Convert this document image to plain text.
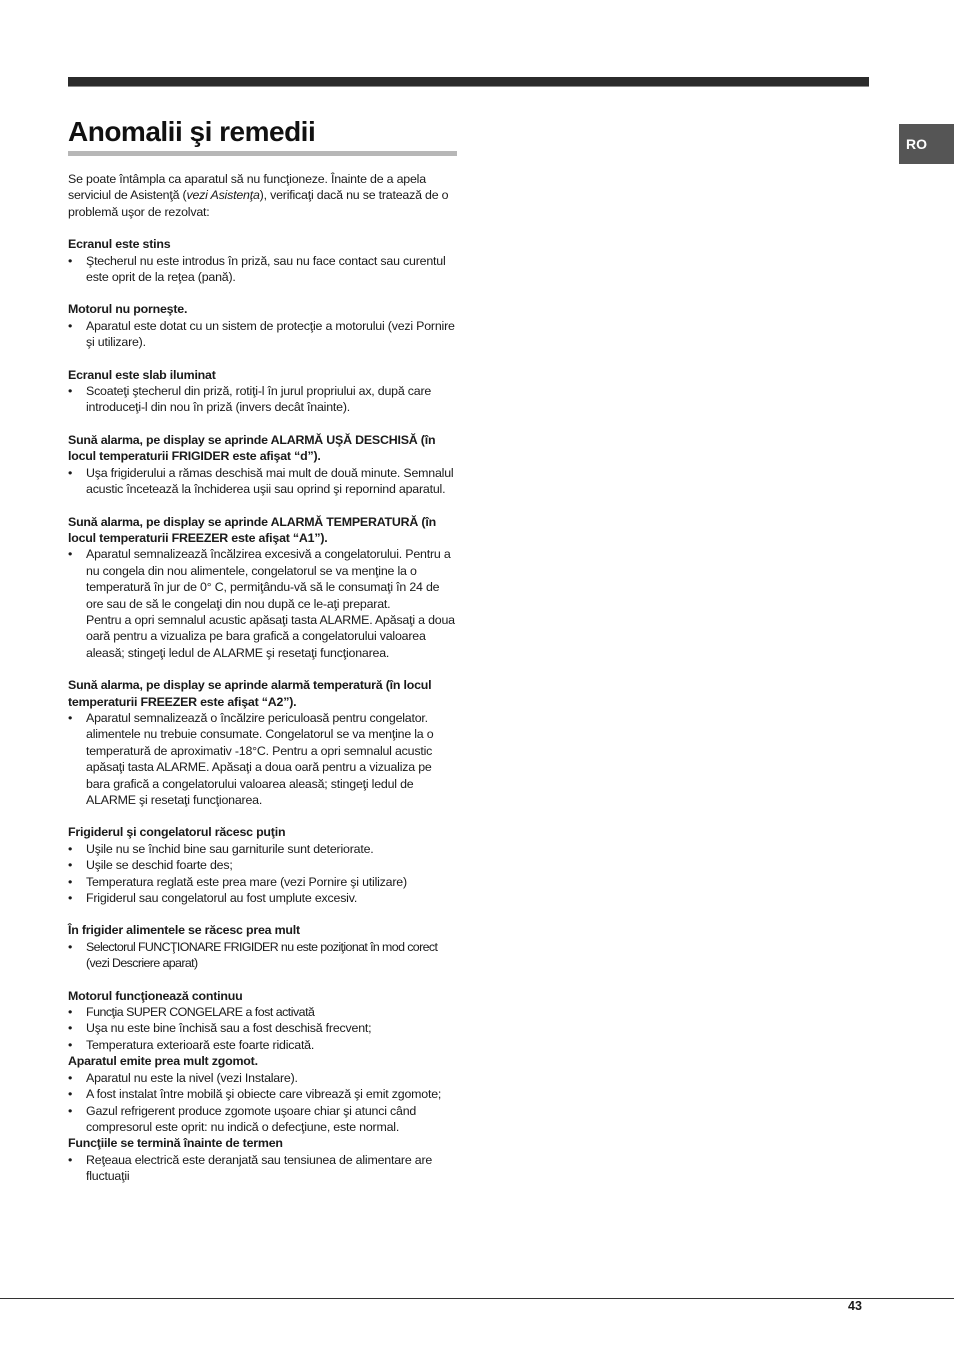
RO
Anomalii şi remedii

Se poate întâmpla ca aparatul să nu funcţioneze. Înainte de a apela serviciul de Asistenţă (vezi Asistenţa), verificaţi dacă nu se tratează de o problemă uşor de rezolvat:

Ecranul este stins

• Ştecherul nu este introdus în priză, sau nu face contact sau curentul este oprit de la reţea (pană).

Motorul nu porneşte.

• Aparatul este dotat cu un sistem de protecţie a motorului (vezi Pornire şi utilizare).

Ecranul este slab iluminat

• Scoateţi ştecherul din priză, rotiţi-l în jurul propriului ax, după care introduceţi-l din nou în priză (invers decât înainte).

Sună alarma, pe display se aprinde ALARMĂ UŞĂ DESCHISĂ (în locul temperaturii FRIGIDER este afişat “d”).

• Uşa frigiderului a rămas deschisă mai mult de două minute. Semnalul acustic încetează la închiderea uşii sau oprind şi repornind aparatul.

Sună alarma, pe display se aprinde ALARMĂ TEMPERATURĂ (în locul temperaturii FREEZER este afişat “A1”).

• Aparatul semnalizează încălzirea excesivă a congelatorului. Pentru a nu congela din nou alimentele, congelatorul se va menţine la o temperatură în jur de 0° C, permiţându-vă să le consumaţi în 24 de ore sau de să le congelaţi din nou după ce le-aţi preparat.

Pentru a opri semnalul acustic apăsaţi tasta ALARME. Apăsaţi a doua oară pentru a vizualiza pe bara grafică a congelatorului valoarea aleasă; stingeţi ledul de ALARME şi resetaţi funcţionarea.

Sună alarma, pe display se aprinde alarmă temperatură (în locul temperaturii FREEZER este afişat “A2”).

• Aparatul semnalizează o încălzire periculoasă pentru congelator. alimentele nu trebuie consumate. Congelatorul se va menţine la o temperatură de aproximativ -18°C. Pentru a opri semnalul acustic apăsaţi tasta ALARME. Apăsaţi a doua oară pentru a vizualiza pe bara grafică a congelatorului valoarea aleasă; stingeţi ledul de ALARME şi resetaţi funcţionarea.

Frigiderul şi congelatorul răcesc puţin

• Uşile nu se închid bine sau garniturile sunt deteriorate.
• Uşile se deschid foarte des;
• Temperatura reglată este prea mare (vezi Pornire şi utilizare)
• Frigiderul sau congelatorul au fost umplute excesiv.

În frigider alimentele se răcesc prea mult

• Selectorul FUNCŢIONARE FRIGIDER nu este poziţionat în mod corect (vezi Descriere aparat)

Motorul funcţionează continuu

• Funcţia SUPER CONGELARE a fost activată
• Uşa nu este bine închisă sau a fost deschisă frecvent;
• Temperatura exterioară este foarte ridicată.

Aparatul emite prea mult zgomot.

• Aparatul nu este la nivel (vezi Instalare).
• A fost instalat între mobilă şi obiecte care vibrează şi emit zgomote;
• Gazul refrigerent produce zgomote uşoare chiar şi atunci când compresorul este oprit: nu indică o defecţiune, este normal.

Funcţiile se termină înainte de termen

• Reţeaua electrică este deranjată sau tensiunea de alimentare are fluctuaţii
43
